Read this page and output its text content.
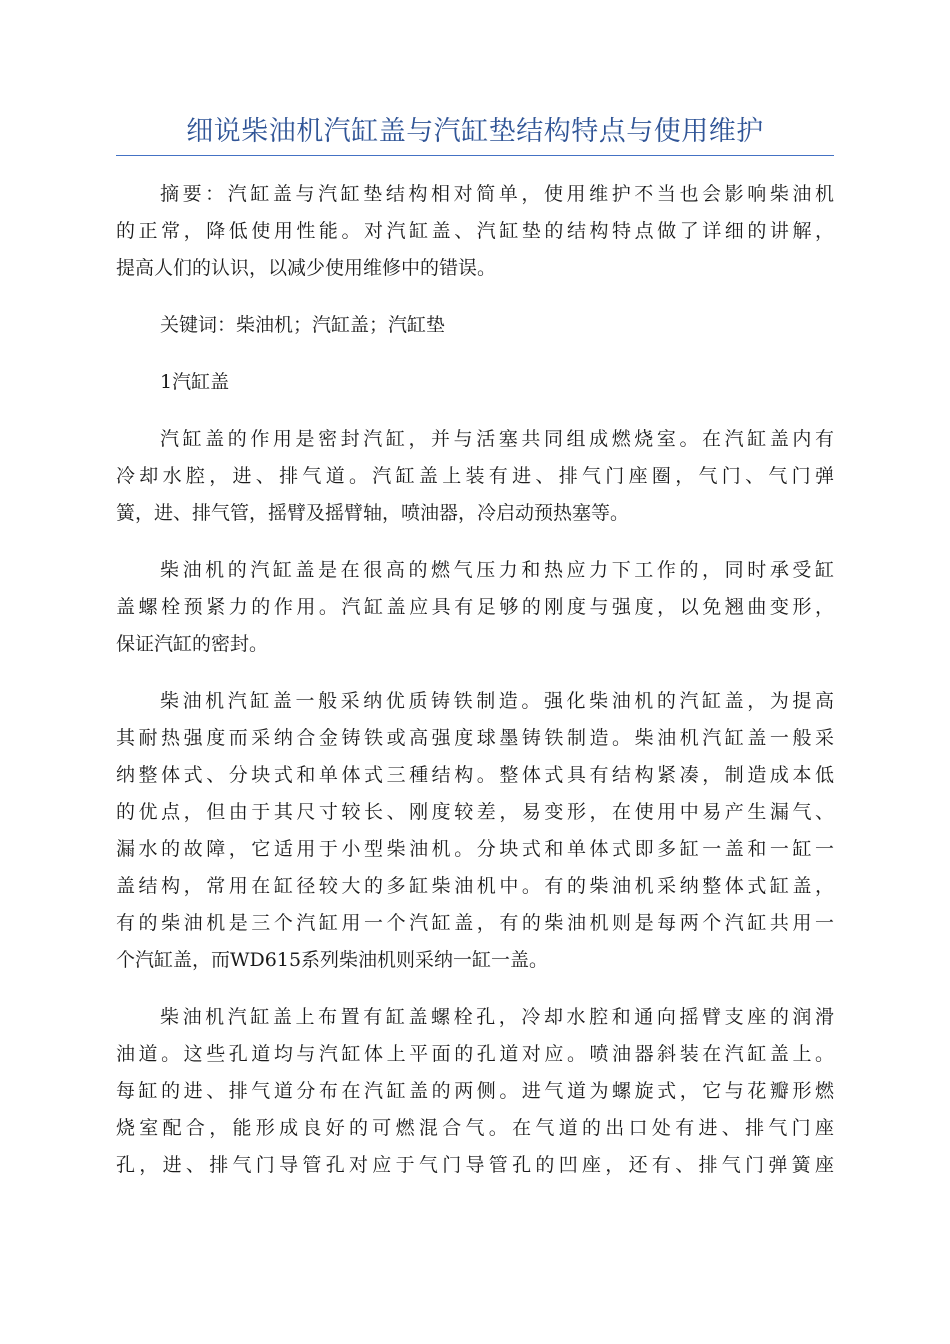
细说柴油机汽缸盖与汽缸垫结构特点与使用维护

摘要：汽缸盖与汽缸垫结构相对简单，使用维护不当也会影响柴油机
的正常，降低使用性能。对汽缸盖、汽缸垫的结构特点做了详细的讲解，
提高人们的认识，以减少使用维修中的错误。

关键词：柴油机；汽缸盖；汽缸垫

1汽缸盖

汽缸盖的作用是密封汽缸，并与活塞共同组成燃烧室。在汽缸盖内有
冷却水腔，进、排气道。汽缸盖上装有进、排气门座圈，气门、气门弹
簧，进、排气管，摇臂及摇臂轴，喷油器，冷启动预热塞等。

柴油机的汽缸盖是在很高的燃气压力和热应力下工作的，同时承受缸
盖螺栓预紧力的作用。汽缸盖应具有足够的刚度与强度，以免翘曲变形，
保证汽缸的密封。

柴油机汽缸盖一般采纳优质铸铁制造。强化柴油机的汽缸盖，为提高
其耐热强度而采纳合金铸铁或高强度球墨铸铁制造。柴油机汽缸盖一般采
纳整体式、分块式和单体式三種结构。整体式具有结构紧凑，制造成本低
的优点，但由于其尺寸较长、刚度较差，易变形，在使用中易产生漏气、
漏水的故障，它适用于小型柴油机。分块式和单体式即多缸一盖和一缸一
盖结构，常用在缸径较大的多缸柴油机中。有的柴油机采纳整体式缸盖，
有的柴油机是三个汽缸用一个汽缸盖，有的柴油机则是每两个汽缸共用一
个汽缸盖，而WD615系列柴油机则采纳一缸一盖。

柴油机汽缸盖上布置有缸盖螺栓孔，冷却水腔和通向摇臂支座的润滑
油道。这些孔道均与汽缸体上平面的孔道对应。喷油器斜装在汽缸盖上。
每缸的进、排气道分布在汽缸盖的两侧。进气道为螺旋式，它与花瓣形燃
烧室配合，能形成良好的可燃混合气。在气道的出口处有进、排气门座
孔，进、排气门导管孔对应于气门导管孔的凹座，还有、排气门弹簧座
